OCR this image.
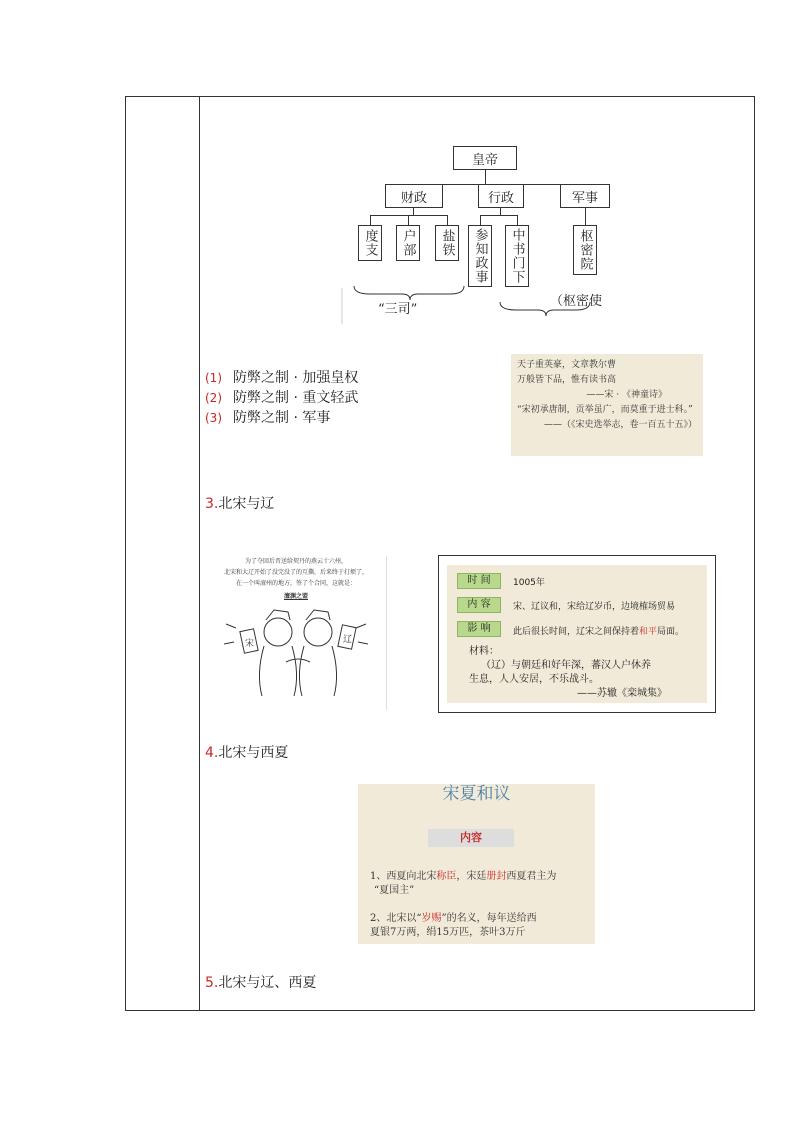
皇帝
财政	行政	军事
度支	户部	盐铁	参知政事	中书门下	枢密院
“三司”
（枢密使
(1) 防弊之制 · 加强皇权
(2) 防弊之制 · 重文轻武
(3) 防弊之制 · 军事
天子重英豪，文章教尔曹
万般皆下品，惟有读书高
——宋 · 《神童诗》
“宋初承唐制，贡举虽广，而莫重于进士科。”
——（《宋史选举志，卷一百五十五》）
3.北宋与辽
为了夺回后晋送给契丹的燕云十六州，
北宋和大辽开始了没完没了的互撕，后来终于打烦了，
在一个叫澶州的地方，签了个合同，这就是：
澶渊之盟
宋	辽
时 间	1005年
内 容	宋、辽议和，宋给辽岁币，边境榷场贸易
影 响	此后很长时间，辽宋之间保持着和平局面。
材料：
（辽）与朝廷和好年深，蕃汉人户休养
生息，人人安居，不乐战斗。
——苏辙《栾城集》
4.北宋与西夏
宋夏和议
内容
1、西夏向北宋称臣，宋廷册封西夏君主为
“夏国主”
2、北宋以“岁赐”的名义，每年送给西
夏银7万两，绢15万匹，茶叶3万斤
5.北宋与辽、西夏
